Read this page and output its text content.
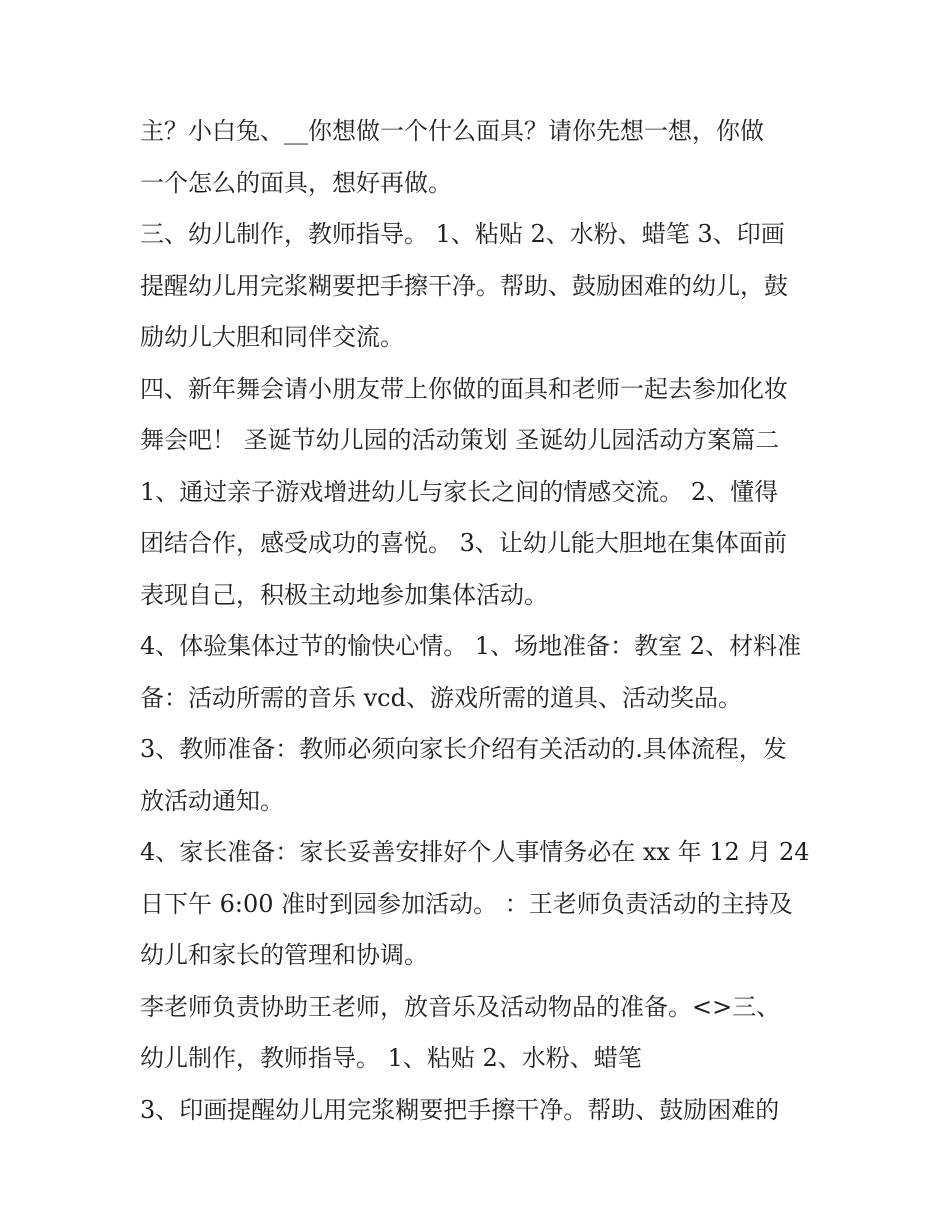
主？小白兔、__你想做一个什么面具？请你先想一想，你做
一个怎么的面具，想好再做。
三、幼儿制作，教师指导。 1、粘贴 2、水粉、蜡笔 3、印画
提醒幼儿用完浆糊要把手擦干净。帮助、鼓励困难的幼儿，鼓
励幼儿大胆和同伴交流。
四、新年舞会请小朋友带上你做的面具和老师一起去参加化妆
舞会吧！ 圣诞节幼儿园的活动策划 圣诞幼儿园活动方案篇二
1、通过亲子游戏增进幼儿与家长之间的情感交流。 2、懂得
团结合作，感受成功的喜悦。 3、让幼儿能大胆地在集体面前
表现自己，积极主动地参加集体活动。
4、体验集体过节的愉快心情。 1、场地准备：教室 2、材料准
备：活动所需的音乐 vcd、游戏所需的道具、活动奖品。
3、教师准备：教师必须向家长介绍有关活动的.具体流程，发
放活动通知。
4、家长准备：家长妥善安排好个人事情务必在 xx 年 12 月 24
日下午 6:00 准时到园参加活动。 ：王老师负责活动的主持及
幼儿和家长的管理和协调。
李老师负责协助王老师，放音乐及活动物品的准备。<>三、
幼儿制作，教师指导。 1、粘贴 2、水粉、蜡笔
3、印画提醒幼儿用完浆糊要把手擦干净。帮助、鼓励困难的
